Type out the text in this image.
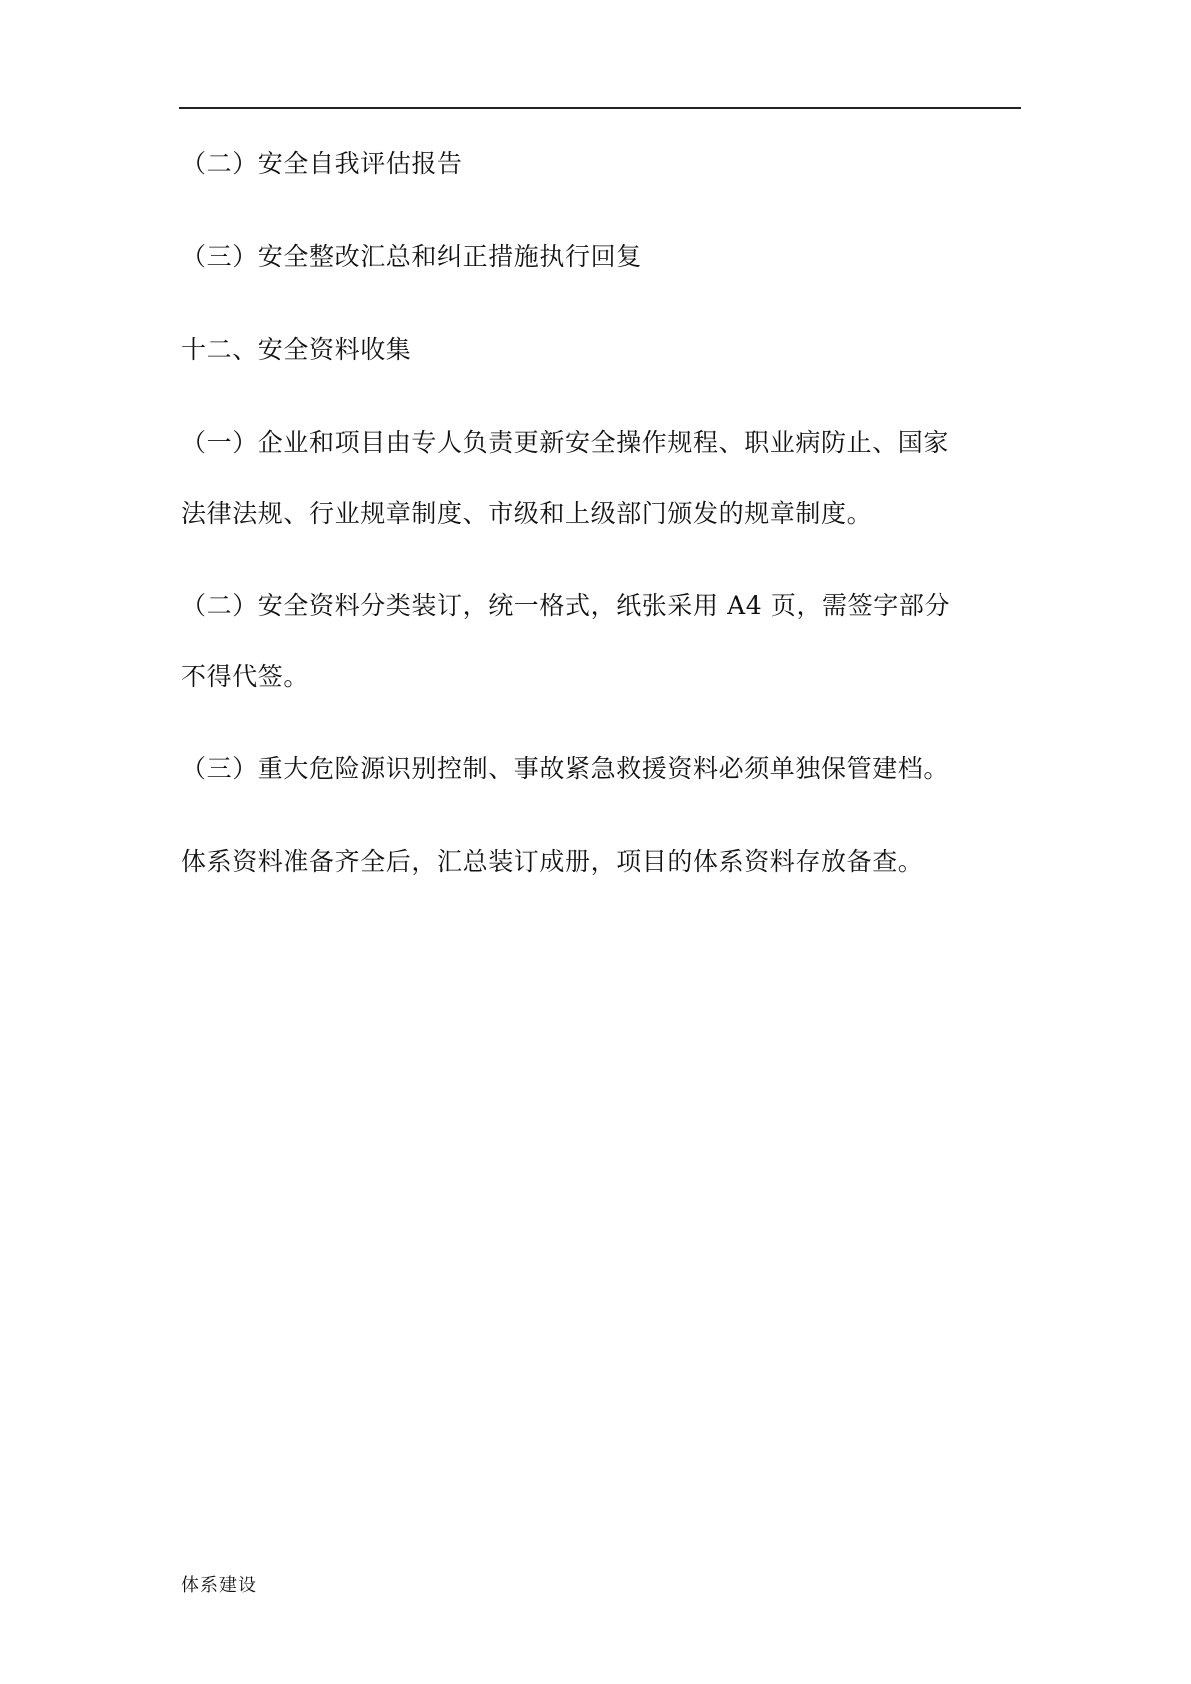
（二）安全自我评估报告

（三）安全整改汇总和纠正措施执行回复

十二、安全资料收集

（一）企业和项目由专人负责更新安全操作规程、职业病防止、国家
法律法规、行业规章制度、市级和上级部门颁发的规章制度。

（二）安全资料分类装订，统一格式，纸张采用 A4 页，需签字部分
不得代签。

（三）重大危险源识别控制、事故紧急救援资料必须单独保管建档。

体系资料准备齐全后，汇总装订成册，项目的体系资料存放备查。

体系建设
